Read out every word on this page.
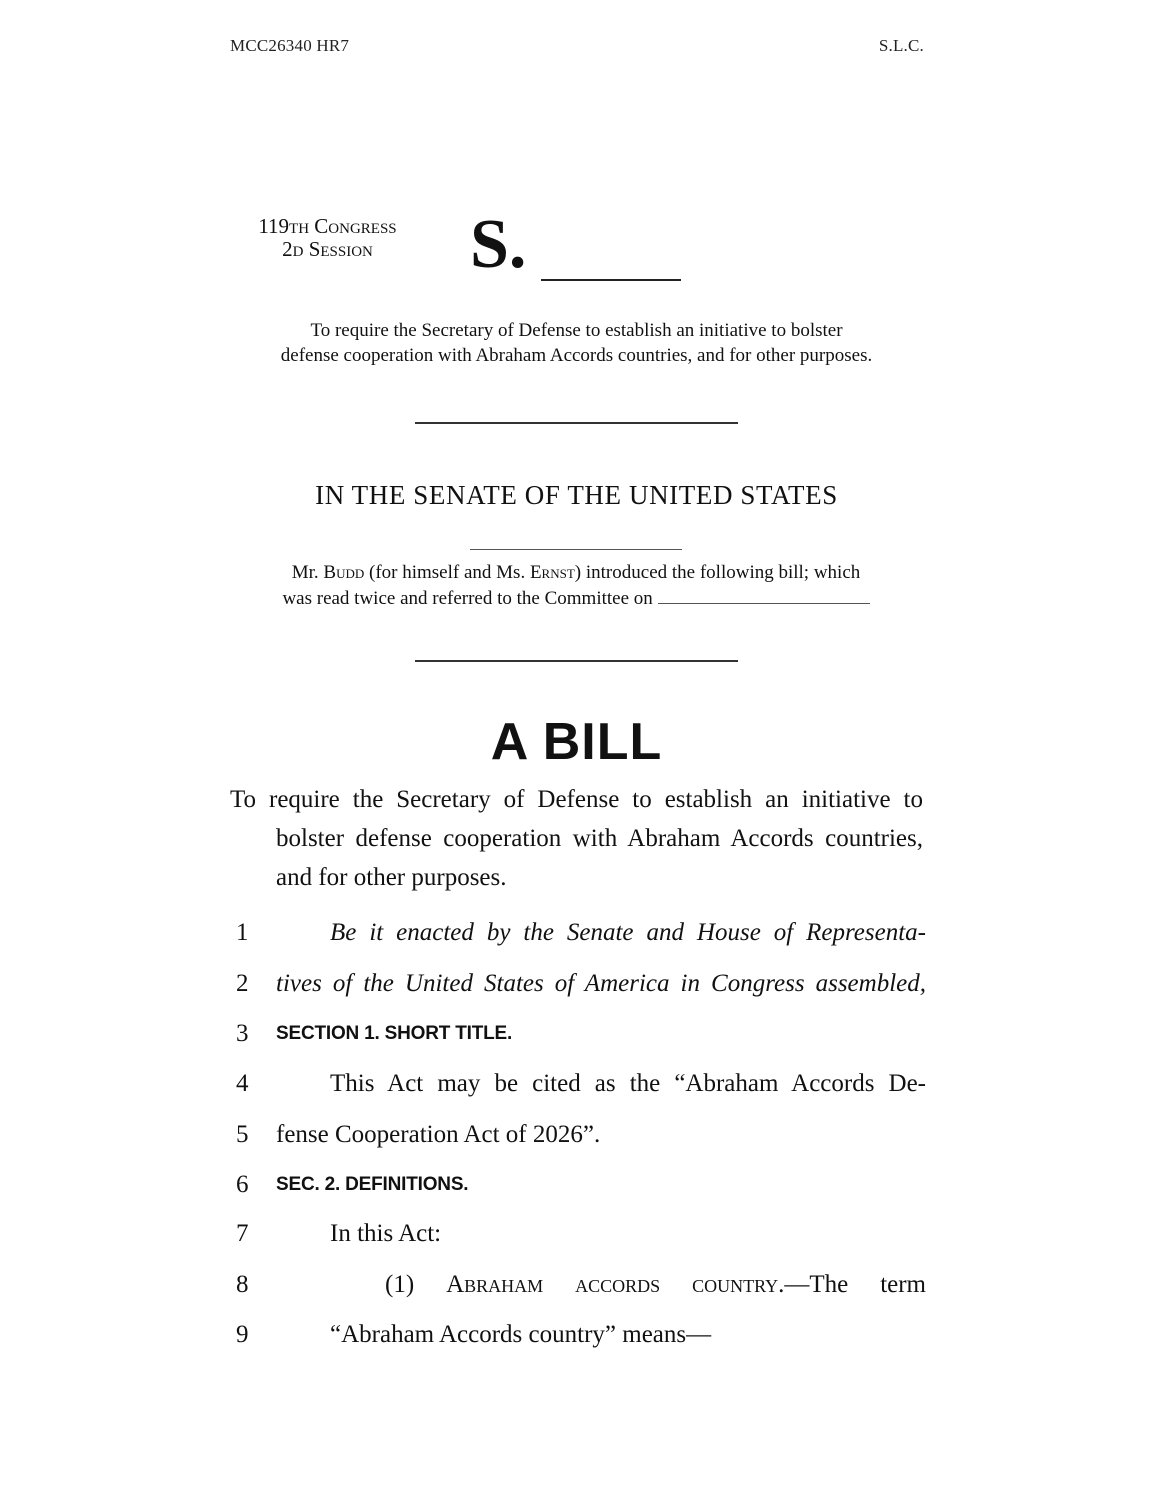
MCC26340 HR7	S.L.C.
119th Congress
2d Session	S.
To require the Secretary of Defense to establish an initiative to bolster
defense cooperation with Abraham Accords countries, and for other purposes.
IN THE SENATE OF THE UNITED STATES
Mr. Budd (for himself and Ms. Ernst) introduced the following bill; which
was read twice and referred to the Committee on
A BILL

To require the Secretary of Defense to establish an initiative to bolster defense cooperation with Abraham Accords countries, and for other purposes.

1	Be it enacted by the Senate and House of Representa-
2	tives of the United States of America in Congress assembled,
3	SECTION 1. SHORT TITLE.
4	This Act may be cited as the “Abraham Accords De-
5	fense Cooperation Act of 2026”.
6	SEC. 2. DEFINITIONS.
7	In this Act:
8	(1) Abraham accords country.—The term
9	“Abraham Accords country” means—
